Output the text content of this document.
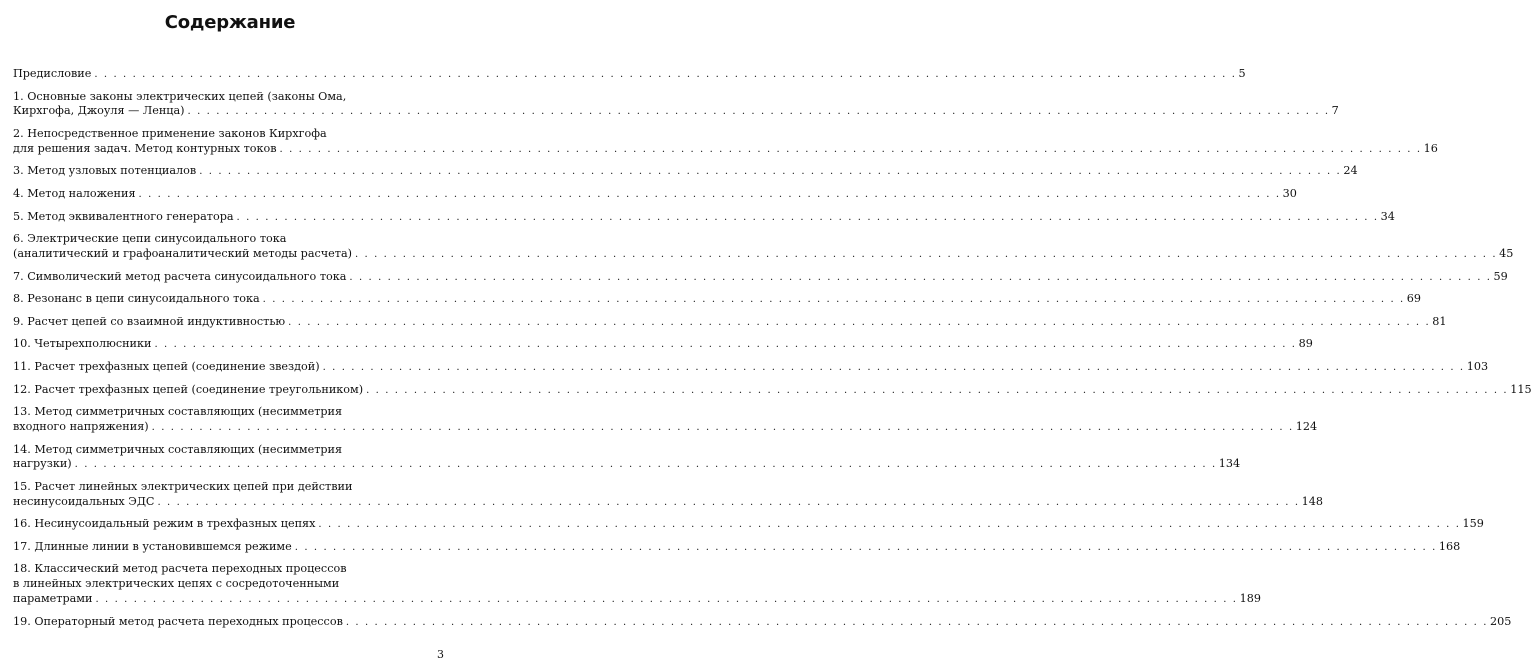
Содержание
Предисловие . . . . . . . . . . . . . . . . . . . . . . . . . . . . . . . . . . . . . . . . . . . . . . . . . . . . . . . . . . . . . . . . . . . . . . . . . . . . . . . . . . . . . . . . . . . . . . . . . . . . . . . . . . . . . . . . . . . . . . . . 5
1. Основные законы электрических цепей (законы Ома,
Кирхгофа, Джоуля — Ленца) . . . . . . . . . . . . . . . . . . . . . . . . . . . . . . . . . . . . . . . . . . . . . . . . . . . . . . . . . . . . . . . . . . . . . . . . . . . . . . . . . . . . . . . . . . . . . . . . . . . . . . . . . . . . . . . . . . . . . . . . 7
2. Непосредственное применение законов Кирхгофа
для решения задач. Метод контурных токов . . . . . . . . . . . . . . . . . . . . . . . . . . . . . . . . . . . . . . . . . . . . . . . . . . . . . . . . . . . . . . . . . . . . . . . . . . . . . . . . . . . . . . . . . . . . . . . . . . . . . . . . . . . . . . . . . . . . . . . . 16
3. Метод узловых потенциалов . . . . . . . . . . . . . . . . . . . . . . . . . . . . . . . . . . . . . . . . . . . . . . . . . . . . . . . . . . . . . . . . . . . . . . . . . . . . . . . . . . . . . . . . . . . . . . . . . . . . . . . . . . . . . . . . . . . . . . . . 24
4. Метод наложения . . . . . . . . . . . . . . . . . . . . . . . . . . . . . . . . . . . . . . . . . . . . . . . . . . . . . . . . . . . . . . . . . . . . . . . . . . . . . . . . . . . . . . . . . . . . . . . . . . . . . . . . . . . . . . . . . . . . . . . . 30
5. Метод эквивалентного генератора . . . . . . . . . . . . . . . . . . . . . . . . . . . . . . . . . . . . . . . . . . . . . . . . . . . . . . . . . . . . . . . . . . . . . . . . . . . . . . . . . . . . . . . . . . . . . . . . . . . . . . . . . . . . . . . . . . . . . . . . 34
6. Электрические цепи синусоидального тока
(аналитический и графоаналитический методы расчета) . . . . . . . . . . . . . . . . . . . . . . . . . . . . . . . . . . . . . . . . . . . . . . . . . . . . . . . . . . . . . . . . . . . . . . . . . . . . . . . . . . . . . . . . . . . . . . . . . . . . . . . . . . . . . . . . . . . . . . . . 45
7. Символический метод расчета синусоидального тока . . . . . . . . . . . . . . . . . . . . . . . . . . . . . . . . . . . . . . . . . . . . . . . . . . . . . . . . . . . . . . . . . . . . . . . . . . . . . . . . . . . . . . . . . . . . . . . . . . . . . . . . . . . . . . . . . . . . . . . . 59
8. Резонанс в цепи синусоидального тока . . . . . . . . . . . . . . . . . . . . . . . . . . . . . . . . . . . . . . . . . . . . . . . . . . . . . . . . . . . . . . . . . . . . . . . . . . . . . . . . . . . . . . . . . . . . . . . . . . . . . . . . . . . . . . . . . . . . . . . . 69
9. Расчет цепей со взаимной индуктивностью . . . . . . . . . . . . . . . . . . . . . . . . . . . . . . . . . . . . . . . . . . . . . . . . . . . . . . . . . . . . . . . . . . . . . . . . . . . . . . . . . . . . . . . . . . . . . . . . . . . . . . . . . . . . . . . . . . . . . . . . 81
10. Четырехполюсники . . . . . . . . . . . . . . . . . . . . . . . . . . . . . . . . . . . . . . . . . . . . . . . . . . . . . . . . . . . . . . . . . . . . . . . . . . . . . . . . . . . . . . . . . . . . . . . . . . . . . . . . . . . . . . . . . . . . . . . . 89
11. Расчет трехфазных цепей (соединение звездой) . . . . . . . . . . . . . . . . . . . . . . . . . . . . . . . . . . . . . . . . . . . . . . . . . . . . . . . . . . . . . . . . . . . . . . . . . . . . . . . . . . . . . . . . . . . . . . . . . . . . . . . . . . . . . . . . . . . . . . . . 103
12. Расчет трехфазных цепей (соединение треугольником) . . . . . . . . . . . . . . . . . . . . . . . . . . . . . . . . . . . . . . . . . . . . . . . . . . . . . . . . . . . . . . . . . . . . . . . . . . . . . . . . . . . . . . . . . . . . . . . . . . . . . . . . . . . . . . . . . . . . . . . . 115
13. Метод симметричных составляющих (несимметрия
входного напряжения) . . . . . . . . . . . . . . . . . . . . . . . . . . . . . . . . . . . . . . . . . . . . . . . . . . . . . . . . . . . . . . . . . . . . . . . . . . . . . . . . . . . . . . . . . . . . . . . . . . . . . . . . . . . . . . . . . . . . . . . . 124
14. Метод симметричных составляющих (несимметрия
нагрузки) . . . . . . . . . . . . . . . . . . . . . . . . . . . . . . . . . . . . . . . . . . . . . . . . . . . . . . . . . . . . . . . . . . . . . . . . . . . . . . . . . . . . . . . . . . . . . . . . . . . . . . . . . . . . . . . . . . . . . . . . 134
15. Расчет линейных электрических цепей при действии
несинусоидальных ЭДС . . . . . . . . . . . . . . . . . . . . . . . . . . . . . . . . . . . . . . . . . . . . . . . . . . . . . . . . . . . . . . . . . . . . . . . . . . . . . . . . . . . . . . . . . . . . . . . . . . . . . . . . . . . . . . . . . . . . . . . . 148
16. Несинусоидальный режим в трехфазных цепях . . . . . . . . . . . . . . . . . . . . . . . . . . . . . . . . . . . . . . . . . . . . . . . . . . . . . . . . . . . . . . . . . . . . . . . . . . . . . . . . . . . . . . . . . . . . . . . . . . . . . . . . . . . . . . . . . . . . . . . . 159
17. Длинные линии в установившемся режиме . . . . . . . . . . . . . . . . . . . . . . . . . . . . . . . . . . . . . . . . . . . . . . . . . . . . . . . . . . . . . . . . . . . . . . . . . . . . . . . . . . . . . . . . . . . . . . . . . . . . . . . . . . . . . . . . . . . . . . . . 168
18. Классический метод расчета переходных процессов
в линейных электрических цепях с сосредоточенными
параметрами . . . . . . . . . . . . . . . . . . . . . . . . . . . . . . . . . . . . . . . . . . . . . . . . . . . . . . . . . . . . . . . . . . . . . . . . . . . . . . . . . . . . . . . . . . . . . . . . . . . . . . . . . . . . . . . . . . . . . . . . 189
19. Операторный метод расчета переходных процессов . . . . . . . . . . . . . . . . . . . . . . . . . . . . . . . . . . . . . . . . . . . . . . . . . . . . . . . . . . . . . . . . . . . . . . . . . . . . . . . . . . . . . . . . . . . . . . . . . . . . . . . . . . . . . . . . . . . . . . . . 205
3
